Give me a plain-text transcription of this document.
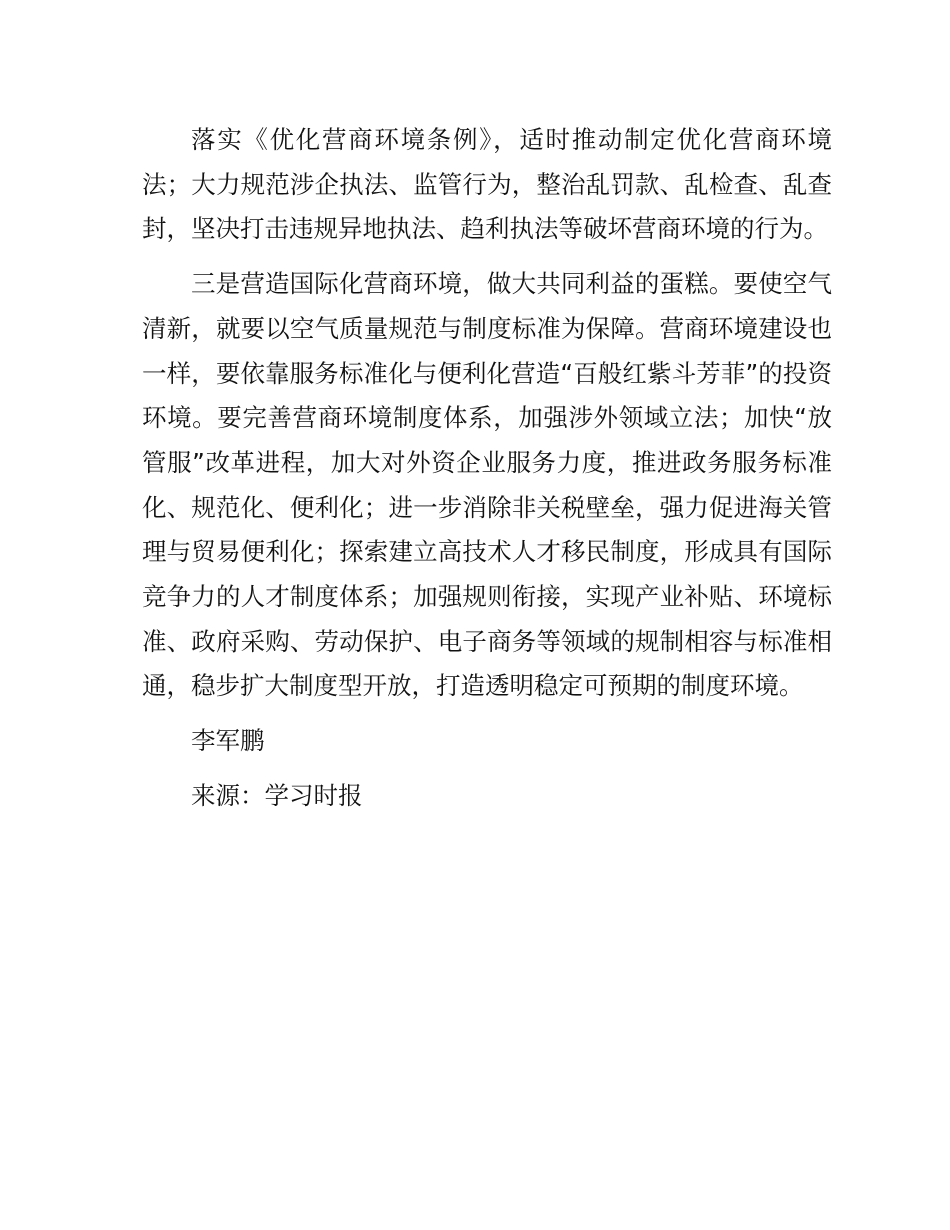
落实《优化营商环境条例》，适时推动制定优化营商环境法；大力规范涉企执法、监管行为，整治乱罚款、乱检查、乱查封，坚决打击违规异地执法、趋利执法等破坏营商环境的行为。

三是营造国际化营商环境，做大共同利益的蛋糕。要使空气清新，就要以空气质量规范与制度标准为保障。营商环境建设也一样，要依靠服务标准化与便利化营造“百般红紫斗芳菲”的投资环境。要完善营商环境制度体系，加强涉外领域立法；加快“放管服”改革进程，加大对外资企业服务力度，推进政务服务标准化、规范化、便利化；进一步消除非关税壁垒，强力促进海关管理与贸易便利化；探索建立高技术人才移民制度，形成具有国际竞争力的人才制度体系；加强规则衔接，实现产业补贴、环境标准、政府采购、劳动保护、电子商务等领域的规制相容与标准相通，稳步扩大制度型开放，打造透明稳定可预期的制度环境。

李军鹏

来源：学习时报
